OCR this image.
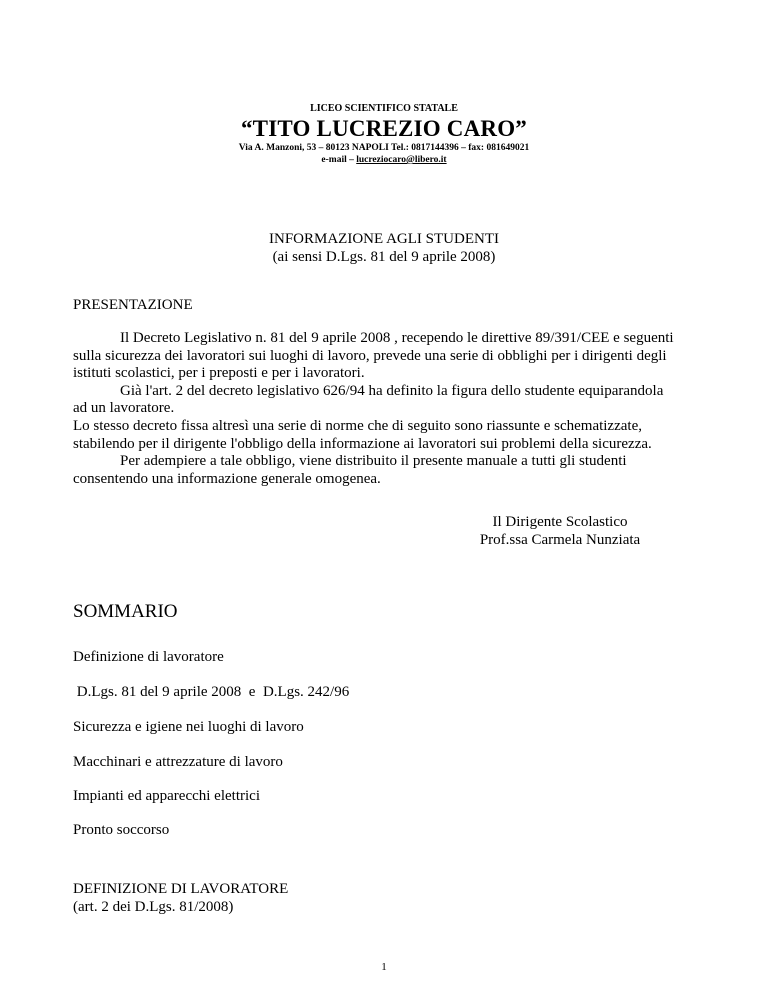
LICEO SCIENTIFICO STATALE
“TITO LUCREZIO CARO”
Via A. Manzoni, 53 – 80123 NAPOLI Tel.: 0817144396 – fax: 081649021
e-mail – lucreziocaro@libero.it
INFORMAZIONE AGLI STUDENTI
(ai sensi D.Lgs. 81 del 9 aprile 2008)
PRESENTAZIONE
Il Decreto Legislativo n. 81 del 9 aprile 2008 , recependo le direttive 89/391/CEE e seguenti
sulla sicurezza dei lavoratori sui luoghi di lavoro, prevede una serie di obblighi per i dirigenti degli
istituti scolastici, per i preposti e per i lavoratori.
Già l'art. 2 del decreto legislativo 626/94 ha definito la figura dello studente equiparandola
ad un lavoratore.
Lo stesso decreto fissa altresì una serie di norme che di seguito sono riassunte e schematizzate,
stabilendo per il dirigente l'obbligo della informazione ai lavoratori sui problemi della sicurezza.
Per adempiere a tale obbligo, viene distribuito il presente manuale a tutti gli studenti
consentendo una informazione generale omogenea.
Il Dirigente Scolastico
Prof.ssa Carmela Nunziata
SOMMARIO
Definizione di lavoratore
D.Lgs. 81 del 9 aprile 2008  e  D.Lgs. 242/96
Sicurezza e igiene nei luoghi di lavoro
Macchinari e attrezzature di lavoro
Impianti ed apparecchi elettrici
Pronto soccorso
DEFINIZIONE DI LAVORATORE
(art. 2 dei D.Lgs. 81/2008)
1
